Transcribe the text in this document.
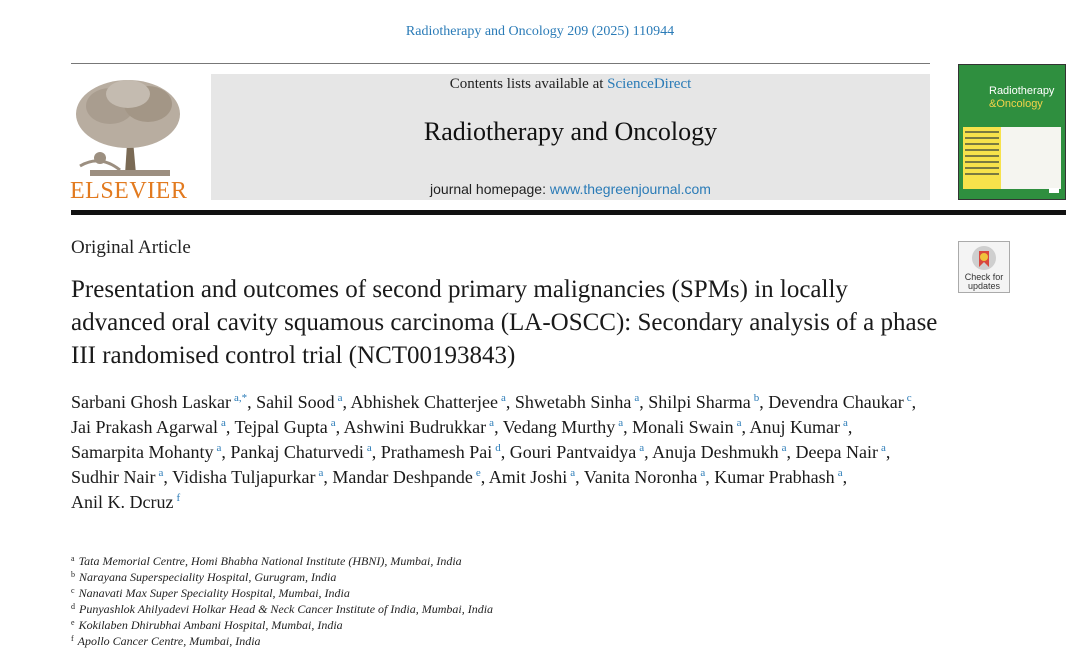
Radiotherapy and Oncology 209 (2025) 110944
ELSEVIER
Contents lists available at ScienceDirect
Radiotherapy and Oncology
journal homepage: www.thegreenjournal.com
Radiotherapy
&Oncology
Original Article
Presentation and outcomes of second primary malignancies (SPMs) in locally advanced oral cavity squamous carcinoma (LA-OSCC): Secondary analysis of a phase III randomised control trial (NCT00193843)
Check for
updates
Sarbani Ghosh Laskar $^{a,*}$, Sahil Sood $^a$, Abhishek Chatterjee $^a$, Shwetabh Sinha $^a$, Shilpi Sharma $^b$, Devendra Chaukar $^c$, Jai Prakash Agarwal $^a$, Tejpal Gupta $^a$, Ashwini Budrukkar $^a$, Vedang Murthy $^a$, Monali Swain $^a$, Anuj Kumar $^a$, Samarpita Mohanty $^a$, Pankaj Chaturvedi $^a$, Prathamesh Pai $^d$, Gouri Pantvaidya $^a$, Anuja Deshmukh $^a$, Deepa Nair $^a$, Sudhir Nair $^a$, Vidisha Tuljapurkar $^a$, Mandar Deshpande $^e$, Amit Joshi $^a$, Vanita Noronha $^a$, Kumar Prabhash $^a$, Anil K. Dcruz $^f$
$^a$ Tata Memorial Centre, Homi Bhabha National Institute (HBNI), Mumbai, India
$^b$ Narayana Superspeciality Hospital, Gurugram, India
$^c$ Nanavati Max Super Speciality Hospital, Mumbai, India
$^d$ Punyashlok Ahilyadevi Holkar Head & Neck Cancer Institute of India, Mumbai, India
$^e$ Kokilaben Dhirubhai Ambani Hospital, Mumbai, India
$^f$ Apollo Cancer Centre, Mumbai, India
